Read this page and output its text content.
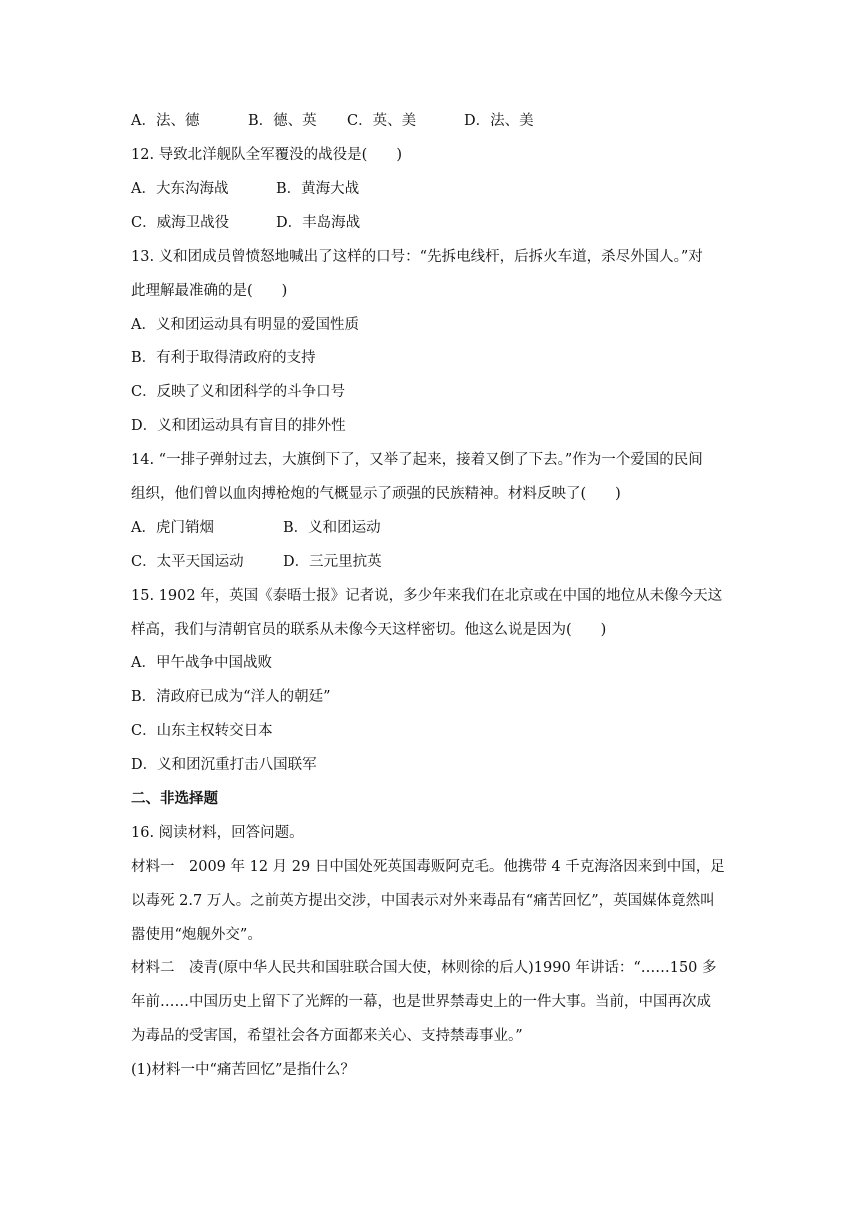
A．法、德	B．德、英 C．英、美	D．法、美
12. 导致北洋舰队全军覆没的战役是(　　)
A．大东沟海战	B．黄海大战
C．威海卫战役	D．丰岛海战
13. 义和团成员曾愤怒地喊出了这样的口号：“先拆电线杆，后拆火车道，杀尽外国人。”对
此理解最准确的是(　　)
A．义和团运动具有明显的爱国性质
B．有利于取得清政府的支持
C．反映了义和团科学的斗争口号
D．义和团运动具有盲目的排外性
14. “一排子弹射过去，大旗倒下了，又举了起来，接着又倒了下去。”作为一个爱国的民间
组织，他们曾以血肉搏枪炮的气概显示了顽强的民族精神。材料反映了(　　)
A．虎门销烟	B．义和团运动
C．太平天国运动	D．三元里抗英
15. 1902 年，英国《泰晤士报》记者说，多少年来我们在北京或在中国的地位从未像今天这
样高，我们与清朝官员的联系从未像今天这样密切。他这么说是因为(　　)
A．甲午战争中国战败
B．清政府已成为“洋人的朝廷”
C．山东主权转交日本
D．义和团沉重打击八国联军
二、非选择题
16. 阅读材料，回答问题。
材料一　2009 年 12 月 29 日中国处死英国毒贩阿克毛。他携带 4 千克海洛因来到中国，足
以毒死 2.7 万人。之前英方提出交涉，中国表示对外来毒品有“痛苦回忆”，英国媒体竟然叫
嚣使用“炮舰外交”。
材料二　凌青(原中华人民共和国驻联合国大使，林则徐的后人)1990 年讲话：“……150 多
年前……中国历史上留下了光辉的一幕，也是世界禁毒史上的一件大事。当前，中国再次成
为毒品的受害国，希望社会各方面都来关心、支持禁毒事业。”
(1)材料一中“痛苦回忆”是指什么？
